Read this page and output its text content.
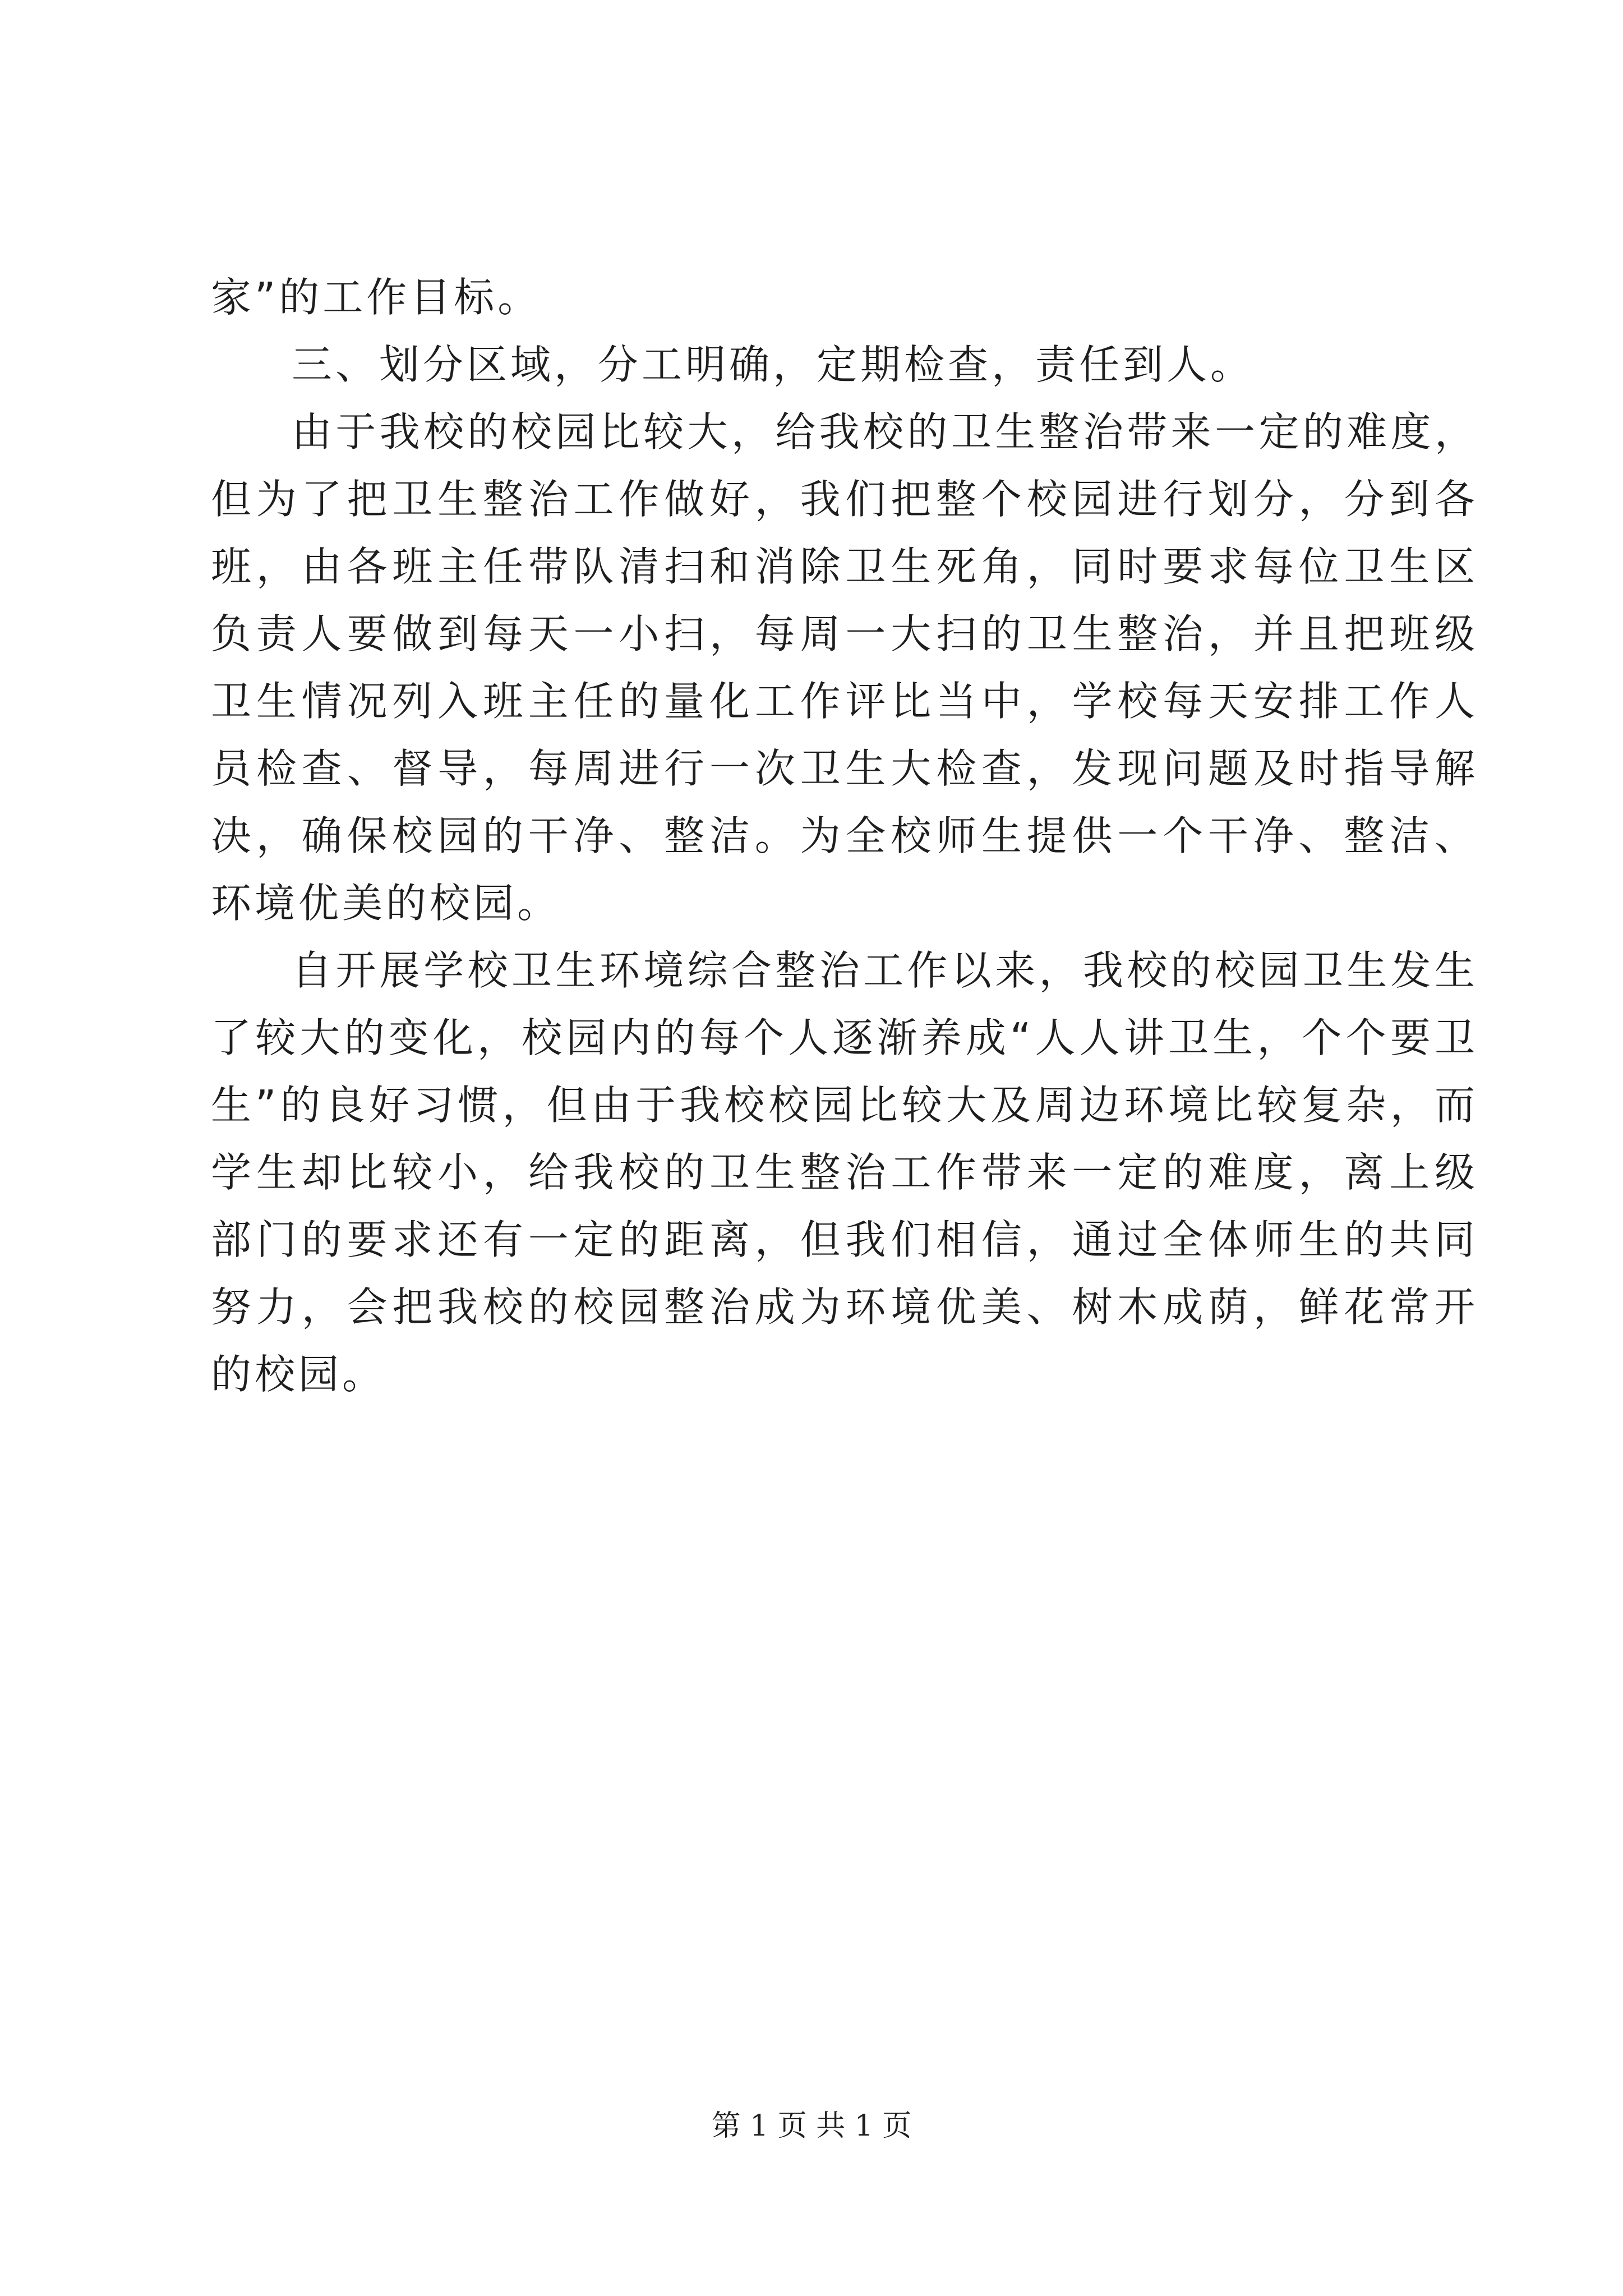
家”的工作目标。

三、划分区域，分工明确，定期检查，责任到人。

由于我校的校园比较大，给我校的卫生整治带来一定的难度，但为了把卫生整治工作做好，我们把整个校园进行划分，分到各班，由各班主任带队清扫和消除卫生死角，同时要求每位卫生区负责人要做到每天一小扫，每周一大扫的卫生整治，并且把班级卫生情况列入班主任的量化工作评比当中，学校每天安排工作人员检查、督导，每周进行一次卫生大检查，发现问题及时指导解决，确保校园的干净、整洁。为全校师生提供一个干净、整洁、环境优美的校园。

自开展学校卫生环境综合整治工作以来，我校的校园卫生发生了较大的变化，校园内的每个人逐渐养成“人人讲卫生，个个要卫生”的良好习惯，但由于我校校园比较大及周边环境比较复杂，而学生却比较小，给我校的卫生整治工作带来一定的难度，离上级部门的要求还有一定的距离，但我们相信，通过全体师生的共同努力，会把我校的校园整治成为环境优美、树木成荫，鲜花常开的校园。

第 1 页 共 1 页
